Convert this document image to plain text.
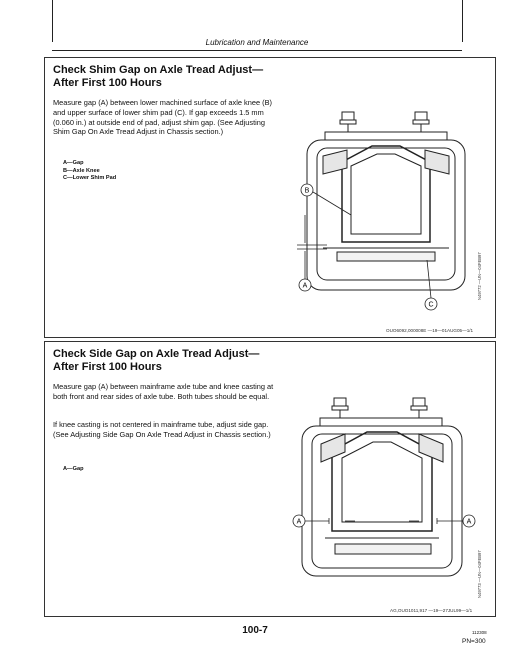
Lubrication and Maintenance
Check Shim Gap on Axle Tread Adjust—After First 100 Hours
Measure gap (A) between lower machined surface of axle knee (B) and upper surface of lower shim pad (C). If gap exceeds 1.5 mm (0.060 in.) at outside end of pad, adjust shim gap. (See Adjusting Shim Gap On Axle Tread Adjust in Chassis section.)
A—Gap
B—Axle Knee
C—Lower Shim Pad
B
A
C
N49772 —UN—04FEB97
OUO6092,000008E —19—01AUG05—1/1
Check Side Gap on Axle Tread Adjust—After First 100 Hours
Measure gap (A) between mainframe axle tube and knee casting at both front and rear sides of axle tube. Both tubes should be equal.
If knee casting is not centered in mainframe tube, adjust side gap. (See Adjusting Side Gap On Axle Tread Adjust in Chassis section.)
A—Gap
A	A
N49773 —UN—04FEB97
AG,OUO1011,917 —19—27JUL99—1/1
100-7	112308
PN=300
